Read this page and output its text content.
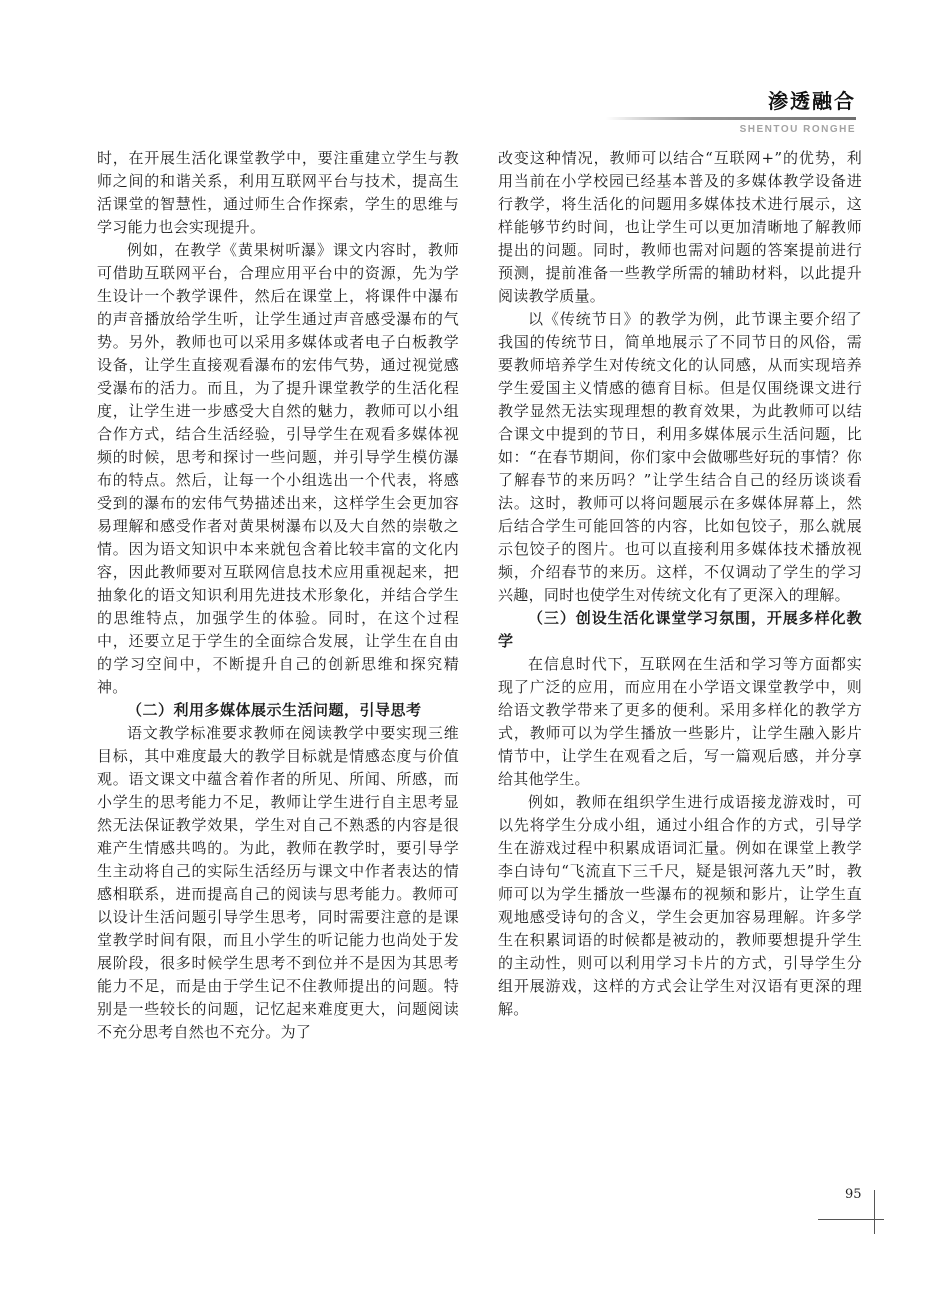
渗透融合
SHENTOU RONGHE

时，在开展生活化课堂教学中，要注重建立学生与教师之间的和谐关系，利用互联网平台与技术，提高生活课堂的智慧性，通过师生合作探索，学生的思维与学习能力也会实现提升。

例如，在教学《黄果树听瀑》课文内容时，教师可借助互联网平台，合理应用平台中的资源，先为学生设计一个教学课件，然后在课堂上，将课件中瀑布的声音播放给学生听，让学生通过声音感受瀑布的气势。另外，教师也可以采用多媒体或者电子白板教学设备，让学生直接观看瀑布的宏伟气势，通过视觉感受瀑布的活力。而且，为了提升课堂教学的生活化程度，让学生进一步感受大自然的魅力，教师可以小组合作方式，结合生活经验，引导学生在观看多媒体视频的时候，思考和探讨一些问题，并引导学生模仿瀑布的特点。然后，让每一个小组选出一个代表，将感受到的瀑布的宏伟气势描述出来，这样学生会更加容易理解和感受作者对黄果树瀑布以及大自然的崇敬之情。因为语文知识中本来就包含着比较丰富的文化内容，因此教师要对互联网信息技术应用重视起来，把抽象化的语文知识利用先进技术形象化，并结合学生的思维特点，加强学生的体验。同时，在这个过程中，还要立足于学生的全面综合发展，让学生在自由的学习空间中，不断提升自己的创新思维和探究精神。

（二）利用多媒体展示生活问题，引导思考

语文教学标准要求教师在阅读教学中要实现三维目标，其中难度最大的教学目标就是情感态度与价值观。语文课文中蕴含着作者的所见、所闻、所感，而小学生的思考能力不足，教师让学生进行自主思考显然无法保证教学效果，学生对自己不熟悉的内容是很难产生情感共鸣的。为此，教师在教学时，要引导学生主动将自己的实际生活经历与课文中作者表达的情感相联系，进而提高自己的阅读与思考能力。教师可以设计生活问题引导学生思考，同时需要注意的是课堂教学时间有限，而且小学生的听记能力也尚处于发展阶段，很多时候学生思考不到位并不是因为其思考能力不足，而是由于学生记不住教师提出的问题。特别是一些较长的问题，记忆起来难度更大，问题阅读不充分思考自然也不充分。为了

改变这种情况，教师可以结合“互联网+”的优势，利用当前在小学校园已经基本普及的多媒体教学设备进行教学，将生活化的问题用多媒体技术进行展示，这样能够节约时间，也让学生可以更加清晰地了解教师提出的问题。同时，教师也需对问题的答案提前进行预测，提前准备一些教学所需的辅助材料，以此提升阅读教学质量。

以《传统节日》的教学为例，此节课主要介绍了我国的传统节日，简单地展示了不同节日的风俗，需要教师培养学生对传统文化的认同感，从而实现培养学生爱国主义情感的德育目标。但是仅围绕课文进行教学显然无法实现理想的教育效果，为此教师可以结合课文中提到的节日，利用多媒体展示生活问题，比如：“在春节期间，你们家中会做哪些好玩的事情？你了解春节的来历吗？”让学生结合自己的经历谈谈看法。这时，教师可以将问题展示在多媒体屏幕上，然后结合学生可能回答的内容，比如包饺子，那么就展示包饺子的图片。也可以直接利用多媒体技术播放视频，介绍春节的来历。这样，不仅调动了学生的学习兴趣，同时也使学生对传统文化有了更深入的理解。

（三）创设生活化课堂学习氛围，开展多样化教学

在信息时代下，互联网在生活和学习等方面都实现了广泛的应用，而应用在小学语文课堂教学中，则给语文教学带来了更多的便利。采用多样化的教学方式，教师可以为学生播放一些影片，让学生融入影片情节中，让学生在观看之后，写一篇观后感，并分享给其他学生。

例如，教师在组织学生进行成语接龙游戏时，可以先将学生分成小组，通过小组合作的方式，引导学生在游戏过程中积累成语词汇量。例如在课堂上教学李白诗句“飞流直下三千尺，疑是银河落九天”时，教师可以为学生播放一些瀑布的视频和影片，让学生直观地感受诗句的含义，学生会更加容易理解。许多学生在积累词语的时候都是被动的，教师要想提升学生的主动性，则可以利用学习卡片的方式，引导学生分组开展游戏，这样的方式会让学生对汉语有更深的理解。

95
